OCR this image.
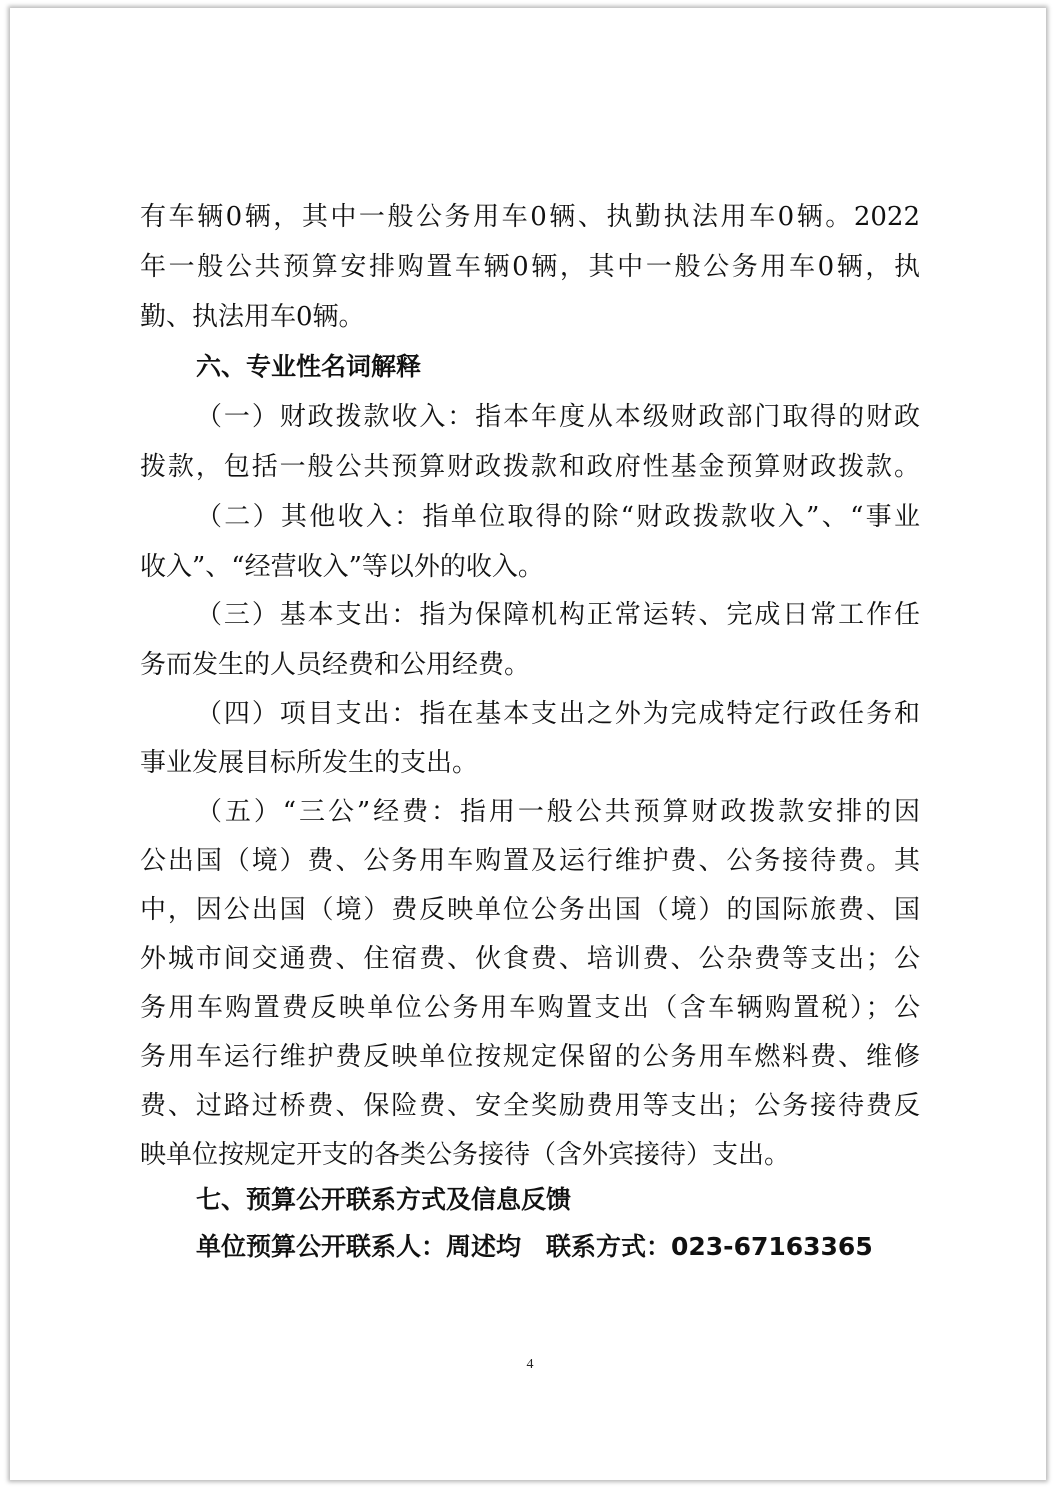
有车辆0辆，其中一般公务用车0辆、执勤执法用车0辆。2022
年一般公共预算安排购置车辆0辆，其中一般公务用车0辆，执
勤、执法用车0辆。
六、专业性名词解释
（一）财政拨款收入：指本年度从本级财政部门取得的财政
拨款，包括一般公共预算财政拨款和政府性基金预算财政拨款。
（二）其他收入：指单位取得的除“财政拨款收入”、“事业
收入”、“经营收入”等以外的收入。
（三）基本支出：指为保障机构正常运转、完成日常工作任
务而发生的人员经费和公用经费。
（四）项目支出：指在基本支出之外为完成特定行政任务和
事业发展目标所发生的支出。
（五）“三公”经费：指用一般公共预算财政拨款安排的因
公出国（境）费、公务用车购置及运行维护费、公务接待费。其
中，因公出国（境）费反映单位公务出国（境）的国际旅费、国
外城市间交通费、住宿费、伙食费、培训费、公杂费等支出；公
务用车购置费反映单位公务用车购置支出（含车辆购置税）；公
务用车运行维护费反映单位按规定保留的公务用车燃料费、维修
费、过路过桥费、保险费、安全奖励费用等支出；公务接待费反
映单位按规定开支的各类公务接待（含外宾接待）支出。
七、预算公开联系方式及信息反馈
单位预算公开联系人：周述均　联系方式：023-67163365
4
